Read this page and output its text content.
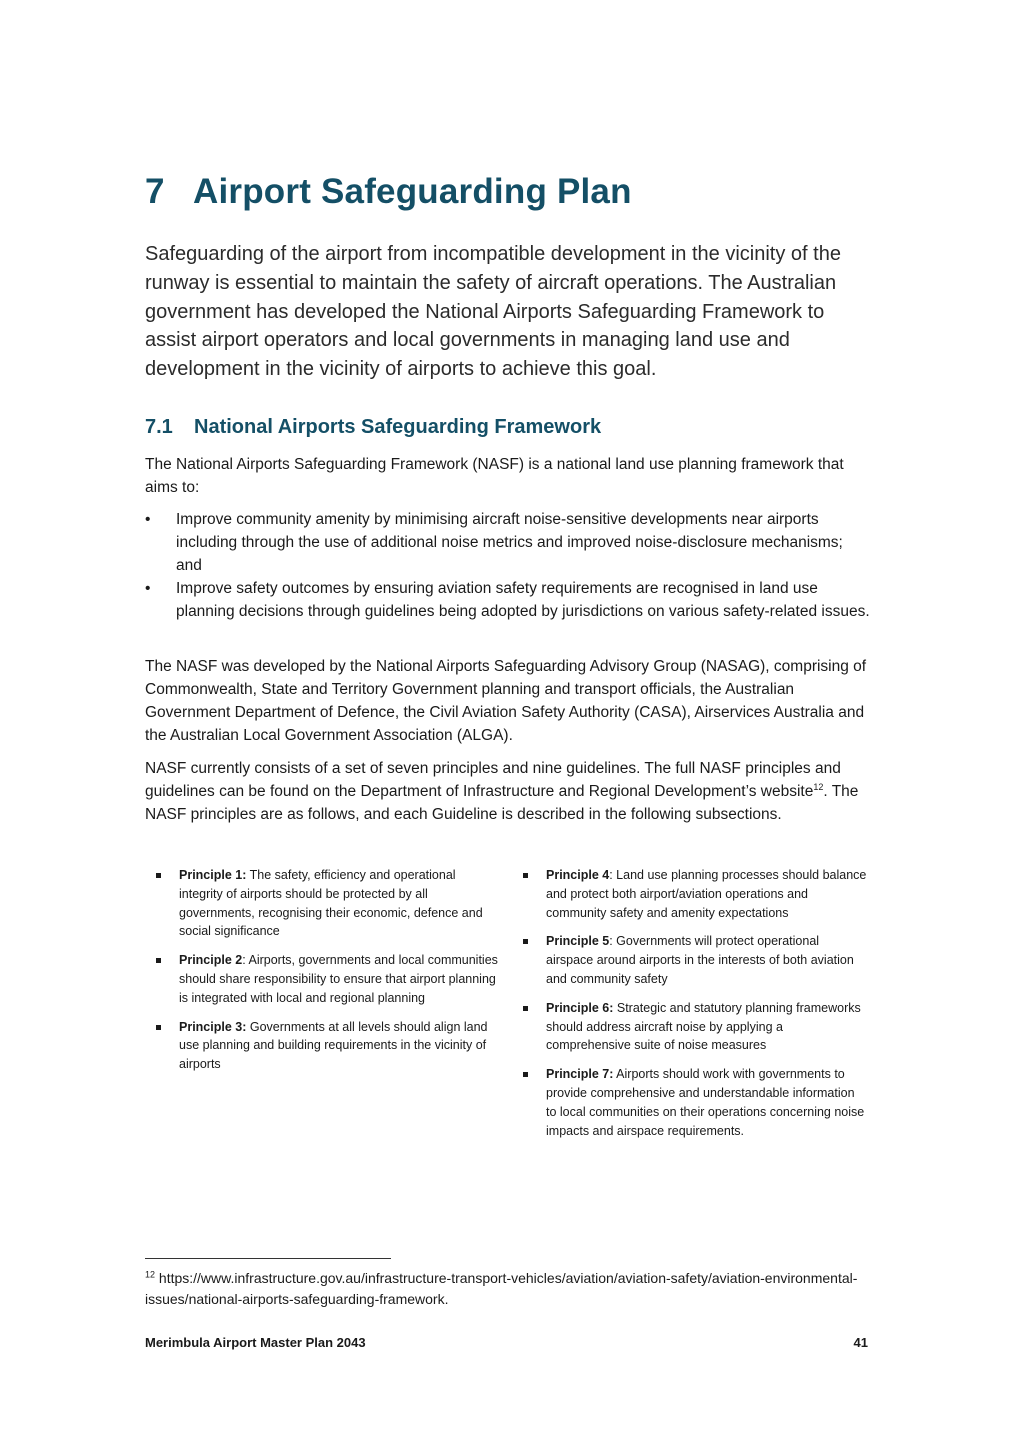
7 Airport Safeguarding Plan

Safeguarding of the airport from incompatible development in the vicinity of the runway is essential to maintain the safety of aircraft operations. The Australian government has developed the National Airports Safeguarding Framework to assist airport operators and local governments in managing land use and development in the vicinity of airports to achieve this goal.

7.1 National Airports Safeguarding Framework

The National Airports Safeguarding Framework (NASF) is a national land use planning framework that aims to:

•	Improve community amenity by minimising aircraft noise-sensitive developments near airports including through the use of additional noise metrics and improved noise-disclosure mechanisms; and
•	Improve safety outcomes by ensuring aviation safety requirements are recognised in land use planning decisions through guidelines being adopted by jurisdictions on various safety-related issues.

The NASF was developed by the National Airports Safeguarding Advisory Group (NASAG), comprising of Commonwealth, State and Territory Government planning and transport officials, the Australian Government Department of Defence, the Civil Aviation Safety Authority (CASA), Airservices Australia and the Australian Local Government Association (ALGA).

NASF currently consists of a set of seven principles and nine guidelines. The full NASF principles and guidelines can be found on the Department of Infrastructure and Regional Development’s website$^{12}$. The NASF principles are as follows, and each Guideline is described in the following subsections.

Principle 1: The safety, efficiency and operational integrity of airports should be protected by all governments, recognising their economic, defence and social significance
Principle 2: Airports, governments and local communities should share responsibility to ensure that airport planning is integrated with local and regional planning
Principle 3: Governments at all levels should align land use planning and building requirements in the vicinity of airports
Principle 4: Land use planning processes should balance and protect both airport/aviation operations and community safety and amenity expectations
Principle 5: Governments will protect operational airspace around airports in the interests of both aviation and community safety
Principle 6: Strategic and statutory planning frameworks should address aircraft noise by applying a comprehensive suite of noise measures
Principle 7: Airports should work with governments to provide comprehensive and understandable information to local communities on their operations concerning noise impacts and airspace requirements.
$^{12}$ https://www.infrastructure.gov.au/infrastructure-transport-vehicles/aviation/aviation-safety/aviation-environmental-issues/national-airports-safeguarding-framework.
Merimbula Airport Master Plan 2043	41
